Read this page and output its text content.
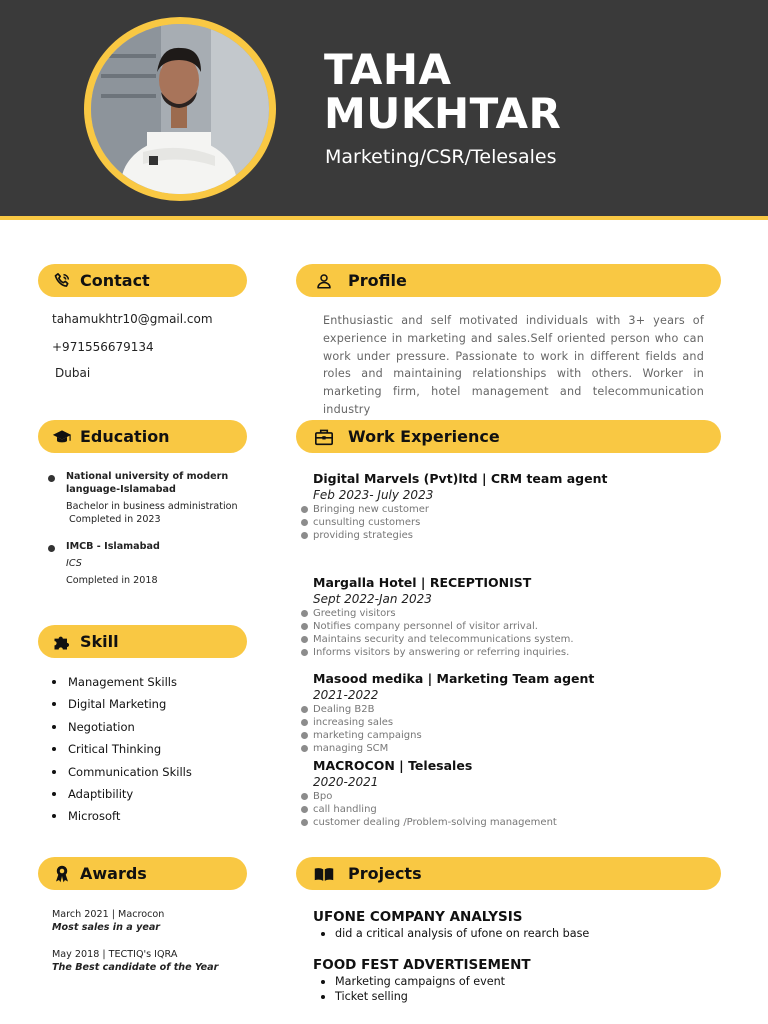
TAHA
MUKHTAR
Marketing/CSR/Telesales
Contact
tahamukhtr10@gmail.com
+971556679134
Dubai
Profile
Enthusiastic and self motivated individuals with 3+ years of experience in marketing and sales.Self oriented person who can work under pressure. Passionate to work in different fields and roles and maintaining relationships with others. Worker in marketing firm, hotel management and telecommunication industry
Education
National university of modern language-Islamabad
Bachelor in business administration
Completed in 2023
IMCB - Islamabad
ICS
Completed in 2018
Work Experience
Digital Marvels (Pvt)ltd | CRM team agent
Feb 2023- July 2023
Bringing new customer
cunsulting customers
providing strategies
Margalla Hotel | RECEPTIONIST
Sept 2022-Jan 2023
Greeting visitors
Notifies company personnel of visitor arrival.
Maintains security and telecommunications system.
Informs visitors by answering or referring inquiries.
Masood medika | Marketing Team agent
2021-2022
Dealing B2B
increasing sales
marketing campaigns
managing SCM
MACROCON | Telesales
2020-2021
Bpo
call handling
customer dealing /Problem-solving management
Skill
Management Skills
Digital Marketing
Negotiation
Critical Thinking
Communication Skills
Adaptibility
Microsoft
Awards
March 2021 | Macrocon
Most sales in a year
May 2018 | TECTIQ's IQRA
The Best candidate of the Year
Projects
UFONE COMPANY ANALYSIS
did a critical analysis of ufone on rearch base
FOOD FEST ADVERTISEMENT
Marketing campaigns of event
Ticket selling
